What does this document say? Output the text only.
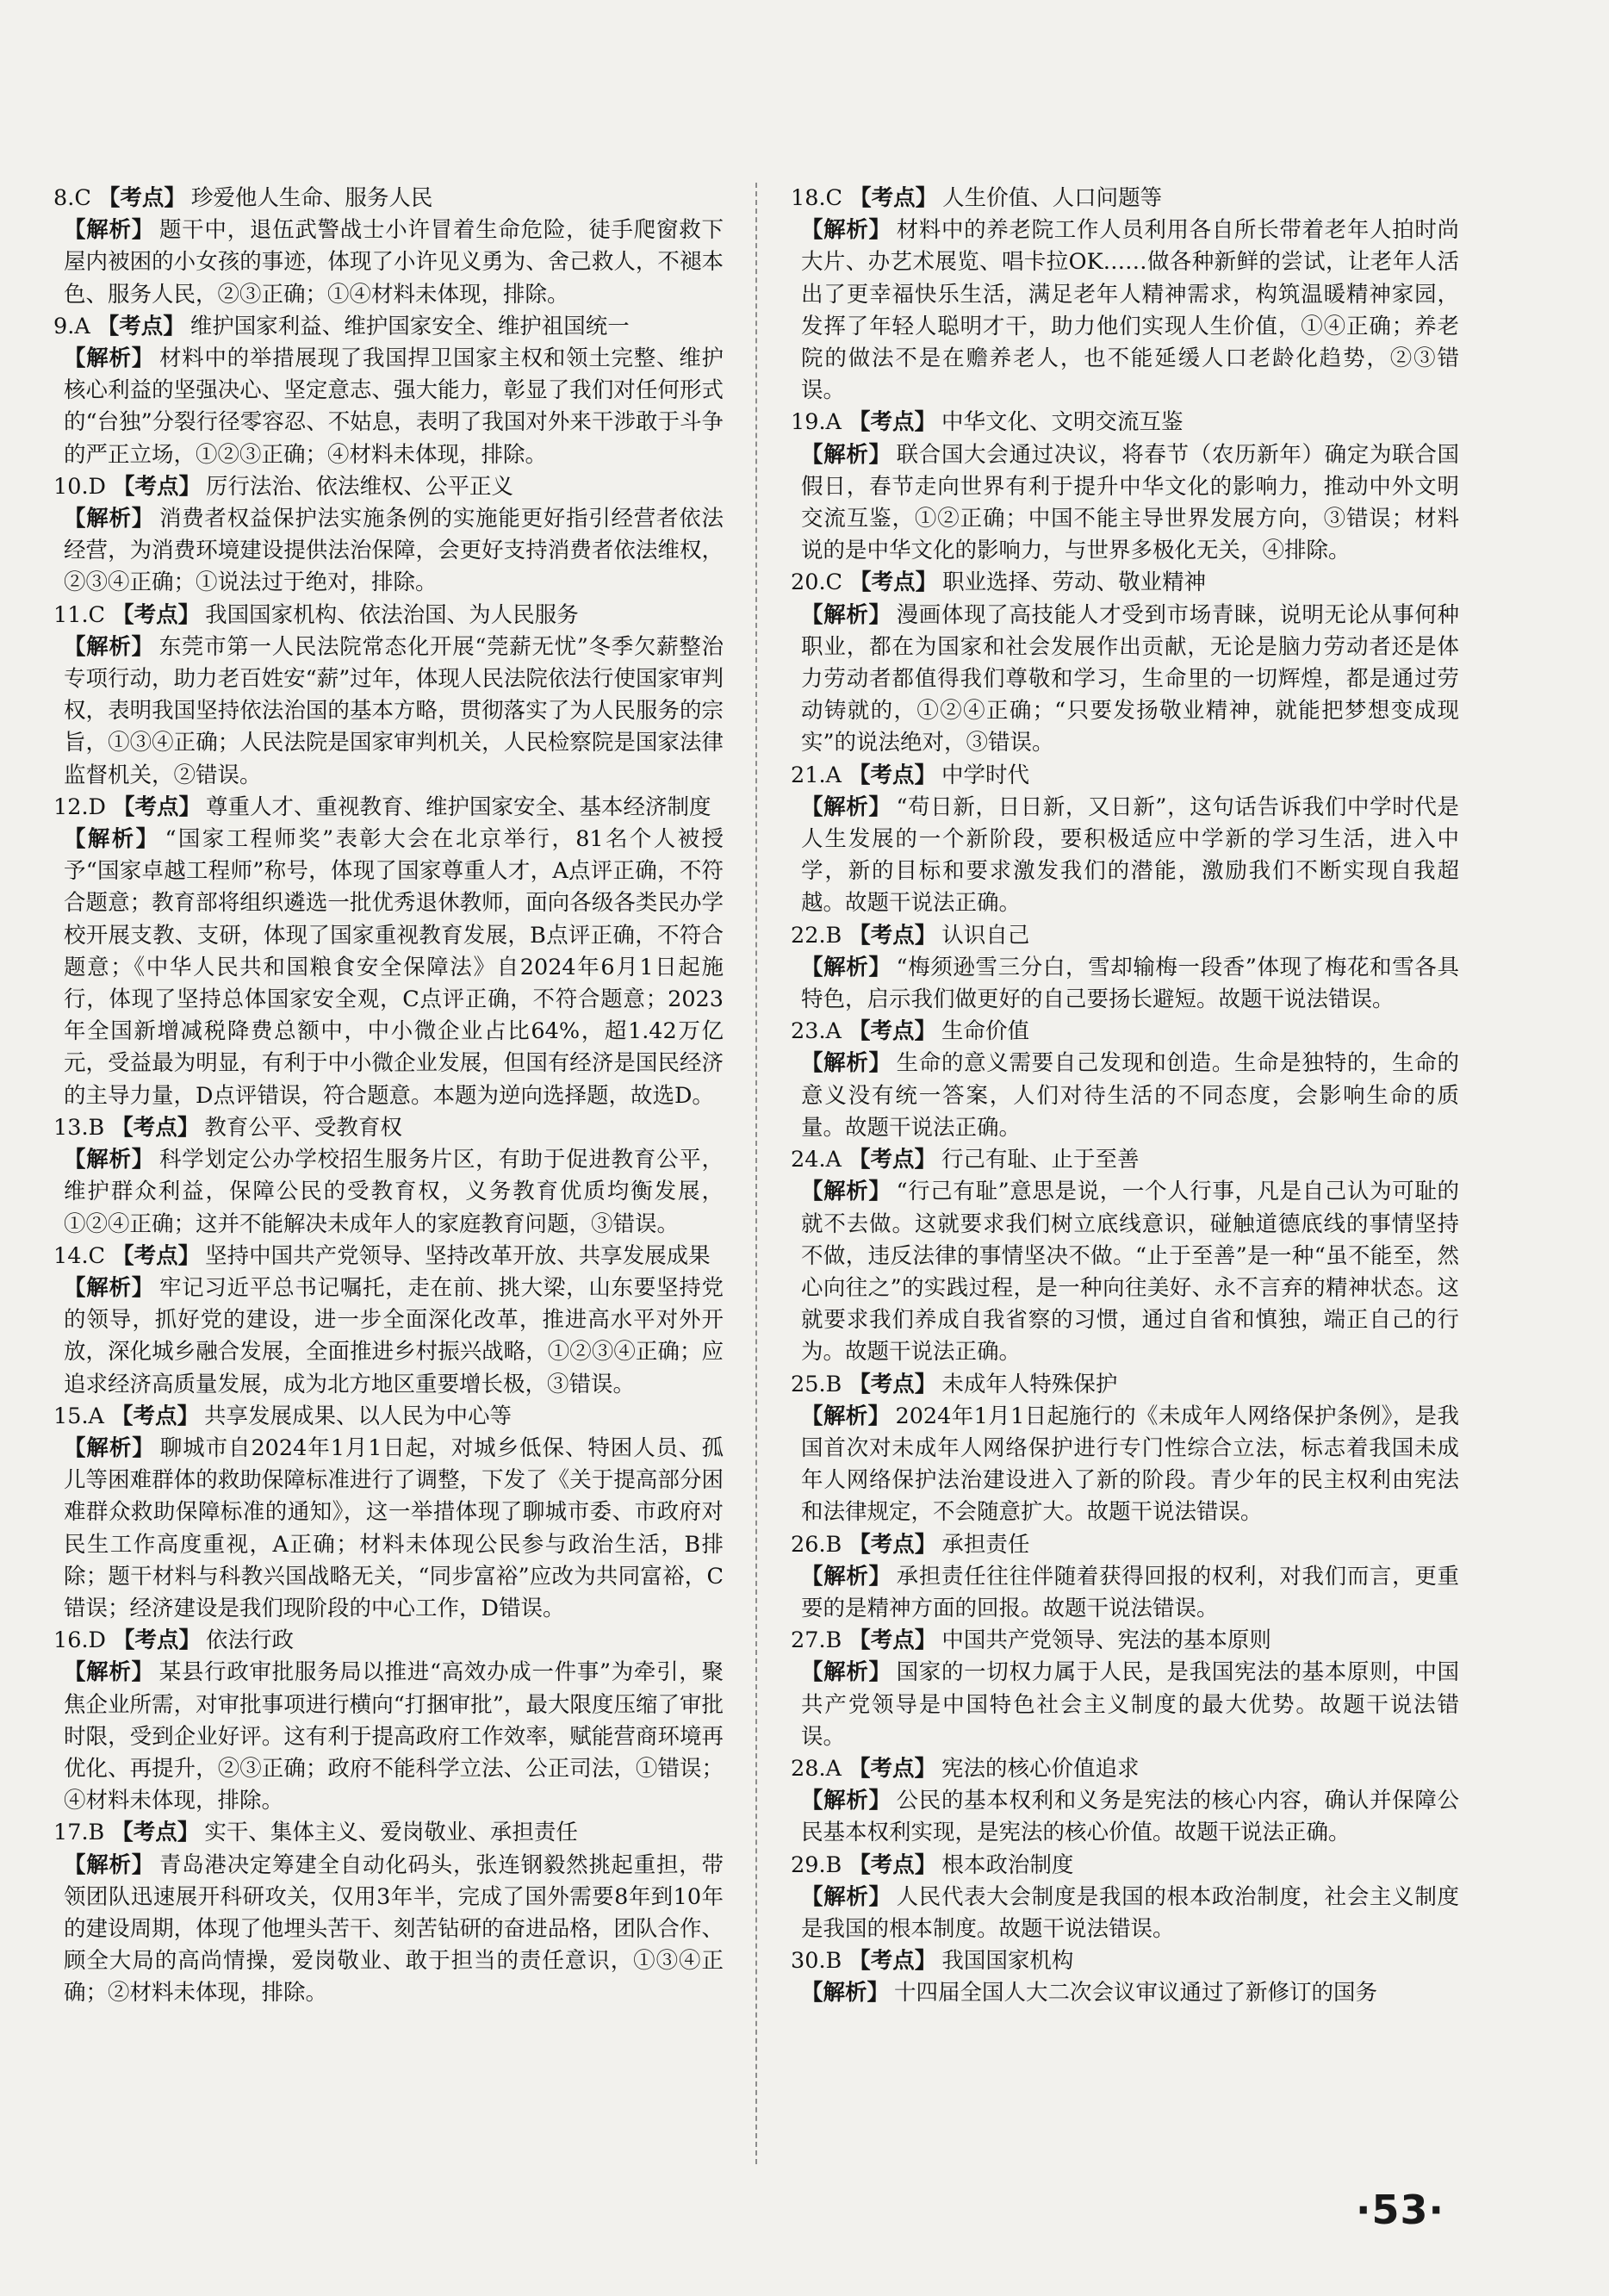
8.C 【考点】 珍爱他人生命、服务人民
【解析】 题干中，退伍武警战士小许冒着生命危险，徒手爬窗救下屋内被困的小女孩的事迹，体现了小许见义勇为、舍己救人，不褪本色、服务人民，②③正确；①④材料未体现，排除。
9.A 【考点】 维护国家利益、维护国家安全、维护祖国统一
【解析】 材料中的举措展现了我国捍卫国家主权和领土完整、维护核心利益的坚强决心、坚定意志、强大能力，彰显了我们对任何形式的“台独”分裂行径零容忍、不姑息，表明了我国对外来干涉敢于斗争的严正立场，①②③正确；④材料未体现，排除。
10.D 【考点】 厉行法治、依法维权、公平正义
【解析】 消费者权益保护法实施条例的实施能更好指引经营者依法经营，为消费环境建设提供法治保障，会更好支持消费者依法维权，②③④正确；①说法过于绝对，排除。
11.C 【考点】 我国国家机构、依法治国、为人民服务
【解析】 东莞市第一人民法院常态化开展“莞薪无忧”冬季欠薪整治专项行动，助力老百姓安“薪”过年，体现人民法院依法行使国家审判权，表明我国坚持依法治国的基本方略，贯彻落实了为人民服务的宗旨，①③④正确；人民法院是国家审判机关，人民检察院是国家法律监督机关，②错误。
12.D 【考点】 尊重人才、重视教育、维护国家安全、基本经济制度
【解析】 “国家工程师奖”表彰大会在北京举行，81名个人被授予“国家卓越工程师”称号，体现了国家尊重人才，A点评正确，不符合题意；教育部将组织遴选一批优秀退休教师，面向各级各类民办学校开展支教、支研，体现了国家重视教育发展，B点评正确，不符合题意；《中华人民共和国粮食安全保障法》自2024年6月1日起施行，体现了坚持总体国家安全观，C点评正确，不符合题意；2023年全国新增减税降费总额中，中小微企业占比64%，超1.42万亿元，受益最为明显，有利于中小微企业发展，但国有经济是国民经济的主导力量，D点评错误，符合题意。本题为逆向选择题，故选D。
13.B 【考点】 教育公平、受教育权
【解析】 科学划定公办学校招生服务片区，有助于促进教育公平，维护群众利益，保障公民的受教育权，义务教育优质均衡发展，①②④正确；这并不能解决未成年人的家庭教育问题，③错误。
14.C 【考点】 坚持中国共产党领导、坚持改革开放、共享发展成果
【解析】 牢记习近平总书记嘱托，走在前、挑大梁，山东要坚持党的领导，抓好党的建设，进一步全面深化改革，推进高水平对外开放，深化城乡融合发展，全面推进乡村振兴战略，①②③④正确；应追求经济高质量发展，成为北方地区重要增长极，③错误。
15.A 【考点】 共享发展成果、以人民为中心等
【解析】 聊城市自2024年1月1日起，对城乡低保、特困人员、孤儿等困难群体的救助保障标准进行了调整，下发了《关于提高部分困难群众救助保障标准的通知》，这一举措体现了聊城市委、市政府对民生工作高度重视，A正确；材料未体现公民参与政治生活，B排除；题干材料与科教兴国战略无关，“同步富裕”应改为共同富裕，C错误；经济建设是我们现阶段的中心工作，D错误。
16.D 【考点】 依法行政
【解析】 某县行政审批服务局以推进“高效办成一件事”为牵引，聚焦企业所需，对审批事项进行横向“打捆审批”，最大限度压缩了审批时限，受到企业好评。这有利于提高政府工作效率，赋能营商环境再优化、再提升，②③正确；政府不能科学立法、公正司法，①错误；④材料未体现，排除。
17.B 【考点】 实干、集体主义、爱岗敬业、承担责任
【解析】 青岛港决定筹建全自动化码头，张连钢毅然挑起重担，带领团队迅速展开科研攻关，仅用3年半，完成了国外需要8年到10年的建设周期，体现了他埋头苦干、刻苦钻研的奋进品格，团队合作、顾全大局的高尚情操，爱岗敬业、敢于担当的责任意识，①③④正确；②材料未体现，排除。
18.C 【考点】 人生价值、人口问题等
【解析】 材料中的养老院工作人员利用各自所长带着老年人拍时尚大片、办艺术展览、唱卡拉OK……做各种新鲜的尝试，让老年人活出了更幸福快乐生活，满足老年人精神需求，构筑温暖精神家园，发挥了年轻人聪明才干，助力他们实现人生价值，①④正确；养老院的做法不是在赡养老人，也不能延缓人口老龄化趋势，②③错误。
19.A 【考点】 中华文化、文明交流互鉴
【解析】 联合国大会通过决议，将春节（农历新年）确定为联合国假日，春节走向世界有利于提升中华文化的影响力，推动中外文明交流互鉴，①②正确；中国不能主导世界发展方向，③错误；材料说的是中华文化的影响力，与世界多极化无关，④排除。
20.C 【考点】 职业选择、劳动、敬业精神
【解析】 漫画体现了高技能人才受到市场青睐，说明无论从事何种职业，都在为国家和社会发展作出贡献，无论是脑力劳动者还是体力劳动者都值得我们尊敬和学习，生命里的一切辉煌，都是通过劳动铸就的，①②④正确；“只要发扬敬业精神，就能把梦想变成现实”的说法绝对，③错误。
21.A 【考点】 中学时代
【解析】 “苟日新，日日新，又日新”，这句话告诉我们中学时代是人生发展的一个新阶段，要积极适应中学新的学习生活，进入中学，新的目标和要求激发我们的潜能，激励我们不断实现自我超越。故题干说法正确。
22.B 【考点】 认识自己
【解析】 “梅须逊雪三分白，雪却输梅一段香”体现了梅花和雪各具特色，启示我们做更好的自己要扬长避短。故题干说法错误。
23.A 【考点】 生命价值
【解析】 生命的意义需要自己发现和创造。生命是独特的，生命的意义没有统一答案，人们对待生活的不同态度，会影响生命的质量。故题干说法正确。
24.A 【考点】 行己有耻、止于至善
【解析】 “行己有耻”意思是说，一个人行事，凡是自己认为可耻的就不去做。这就要求我们树立底线意识，碰触道德底线的事情坚持不做，违反法律的事情坚决不做。“止于至善”是一种“虽不能至，然心向往之”的实践过程，是一种向往美好、永不言弃的精神状态。这就要求我们养成自我省察的习惯，通过自省和慎独，端正自己的行为。故题干说法正确。
25.B 【考点】 未成年人特殊保护
【解析】 2024年1月1日起施行的《未成年人网络保护条例》，是我国首次对未成年人网络保护进行专门性综合立法，标志着我国未成年人网络保护法治建设进入了新的阶段。青少年的民主权利由宪法和法律规定，不会随意扩大。故题干说法错误。
26.B 【考点】 承担责任
【解析】 承担责任往往伴随着获得回报的权利，对我们而言，更重要的是精神方面的回报。故题干说法错误。
27.B 【考点】 中国共产党领导、宪法的基本原则
【解析】 国家的一切权力属于人民，是我国宪法的基本原则，中国共产党领导是中国特色社会主义制度的最大优势。故题干说法错误。
28.A 【考点】 宪法的核心价值追求
【解析】 公民的基本权利和义务是宪法的核心内容，确认并保障公民基本权利实现，是宪法的核心价值。故题干说法正确。
29.B 【考点】 根本政治制度
【解析】 人民代表大会制度是我国的根本政治制度，社会主义制度是我国的根本制度。故题干说法错误。
30.B 【考点】 我国国家机构
【解析】 十四届全国人大二次会议审议通过了新修订的国务
·53·
